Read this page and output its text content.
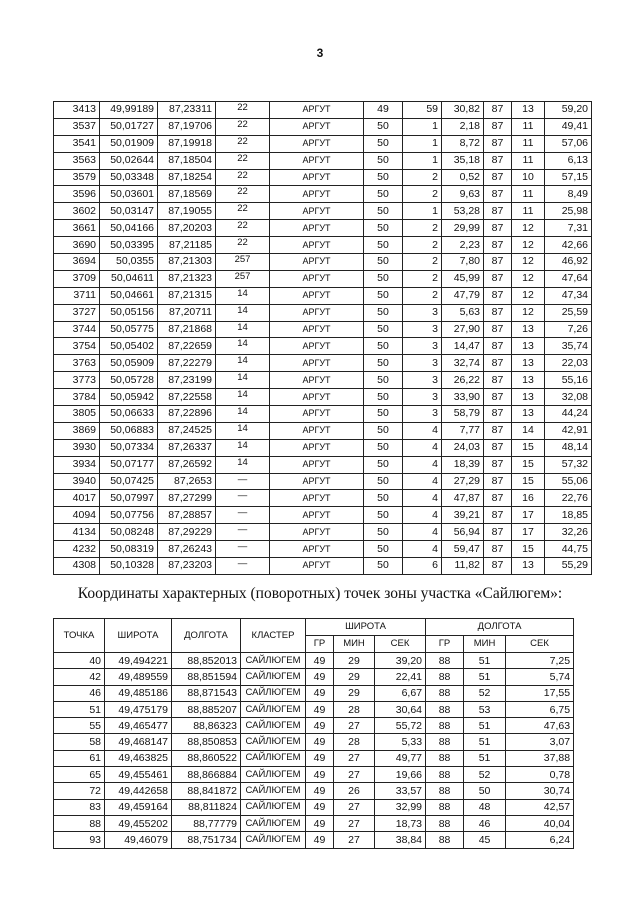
3
3413	49,99189	87,23311	22	АРГУТ	49	59	30,82	87	13	59,20
3537	50,01727	87,19706	22	АРГУТ	50	1	2,18	87	11	49,41
3541	50,01909	87,19918	22	АРГУТ	50	1	8,72	87	11	57,06
3563	50,02644	87,18504	22	АРГУТ	50	1	35,18	87	11	6,13
3579	50,03348	87,18254	22	АРГУТ	50	2	0,52	87	10	57,15
3596	50,03601	87,18569	22	АРГУТ	50	2	9,63	87	11	8,49
3602	50,03147	87,19055	22	АРГУТ	50	1	53,28	87	11	25,98
3661	50,04166	87,20203	22	АРГУТ	50	2	29,99	87	12	7,31
3690	50,03395	87,21185	22	АРГУТ	50	2	2,23	87	12	42,66
3694	50,0355	87,21303	257	АРГУТ	50	2	7,80	87	12	46,92
3709	50,04611	87,21323	257	АРГУТ	50	2	45,99	87	12	47,64
3711	50,04661	87,21315	14	АРГУТ	50	2	47,79	87	12	47,34
3727	50,05156	87,20711	14	АРГУТ	50	3	5,63	87	12	25,59
3744	50,05775	87,21868	14	АРГУТ	50	3	27,90	87	13	7,26
3754	50,05402	87,22659	14	АРГУТ	50	3	14,47	87	13	35,74
3763	50,05909	87,22279	14	АРГУТ	50	3	32,74	87	13	22,03
3773	50,05728	87,23199	14	АРГУТ	50	3	26,22	87	13	55,16
3784	50,05942	87,22558	14	АРГУТ	50	3	33,90	87	13	32,08
3805	50,06633	87,22896	14	АРГУТ	50	3	58,79	87	13	44,24
3869	50,06883	87,24525	14	АРГУТ	50	4	7,77	87	14	42,91
3930	50,07334	87,26337	14	АРГУТ	50	4	24,03	87	15	48,14
3934	50,07177	87,26592	14	АРГУТ	50	4	18,39	87	15	57,32
3940	50,07425	87,2653	—	АРГУТ	50	4	27,29	87	15	55,06
4017	50,07997	87,27299	—	АРГУТ	50	4	47,87	87	16	22,76
4094	50,07756	87,28857	—	АРГУТ	50	4	39,21	87	17	18,85
4134	50,08248	87,29229	—	АРГУТ	50	4	56,94	87	17	32,26
4232	50,08319	87,26243	—	АРГУТ	50	4	59,47	87	15	44,75
4308	50,10328	87,23203	—	АРГУТ	50	6	11,82	87	13	55,29
Координаты характерных (поворотных) точек зоны участка «Сайлюгем»:
ТОЧКА	ШИРОТА	ДОЛГОТА	КЛАСТЕР	ШИРОТА			ДОЛГОТА		
				ГР	МИН	СЕК	ГР	МИН	СЕК
40	49,494221	88,852013	САЙЛЮГЕМ	49	29	39,20	88	51	7,25
42	49,489559	88,851594	САЙЛЮГЕМ	49	29	22,41	88	51	5,74
46	49,485186	88,871543	САЙЛЮГЕМ	49	29	6,67	88	52	17,55
51	49,475179	88,885207	САЙЛЮГЕМ	49	28	30,64	88	53	6,75
55	49,465477	88,86323	САЙЛЮГЕМ	49	27	55,72	88	51	47,63
58	49,468147	88,850853	САЙЛЮГЕМ	49	28	5,33	88	51	3,07
61	49,463825	88,860522	САЙЛЮГЕМ	49	27	49,77	88	51	37,88
65	49,455461	88,866884	САЙЛЮГЕМ	49	27	19,66	88	52	0,78
72	49,442658	88,841872	САЙЛЮГЕМ	49	26	33,57	88	50	30,74
83	49,459164	88,811824	САЙЛЮГЕМ	49	27	32,99	88	48	42,57
88	49,455202	88,77779	САЙЛЮГЕМ	49	27	18,73	88	46	40,04
93	49,46079	88,751734	САЙЛЮГЕМ	49	27	38,84	88	45	6,24
